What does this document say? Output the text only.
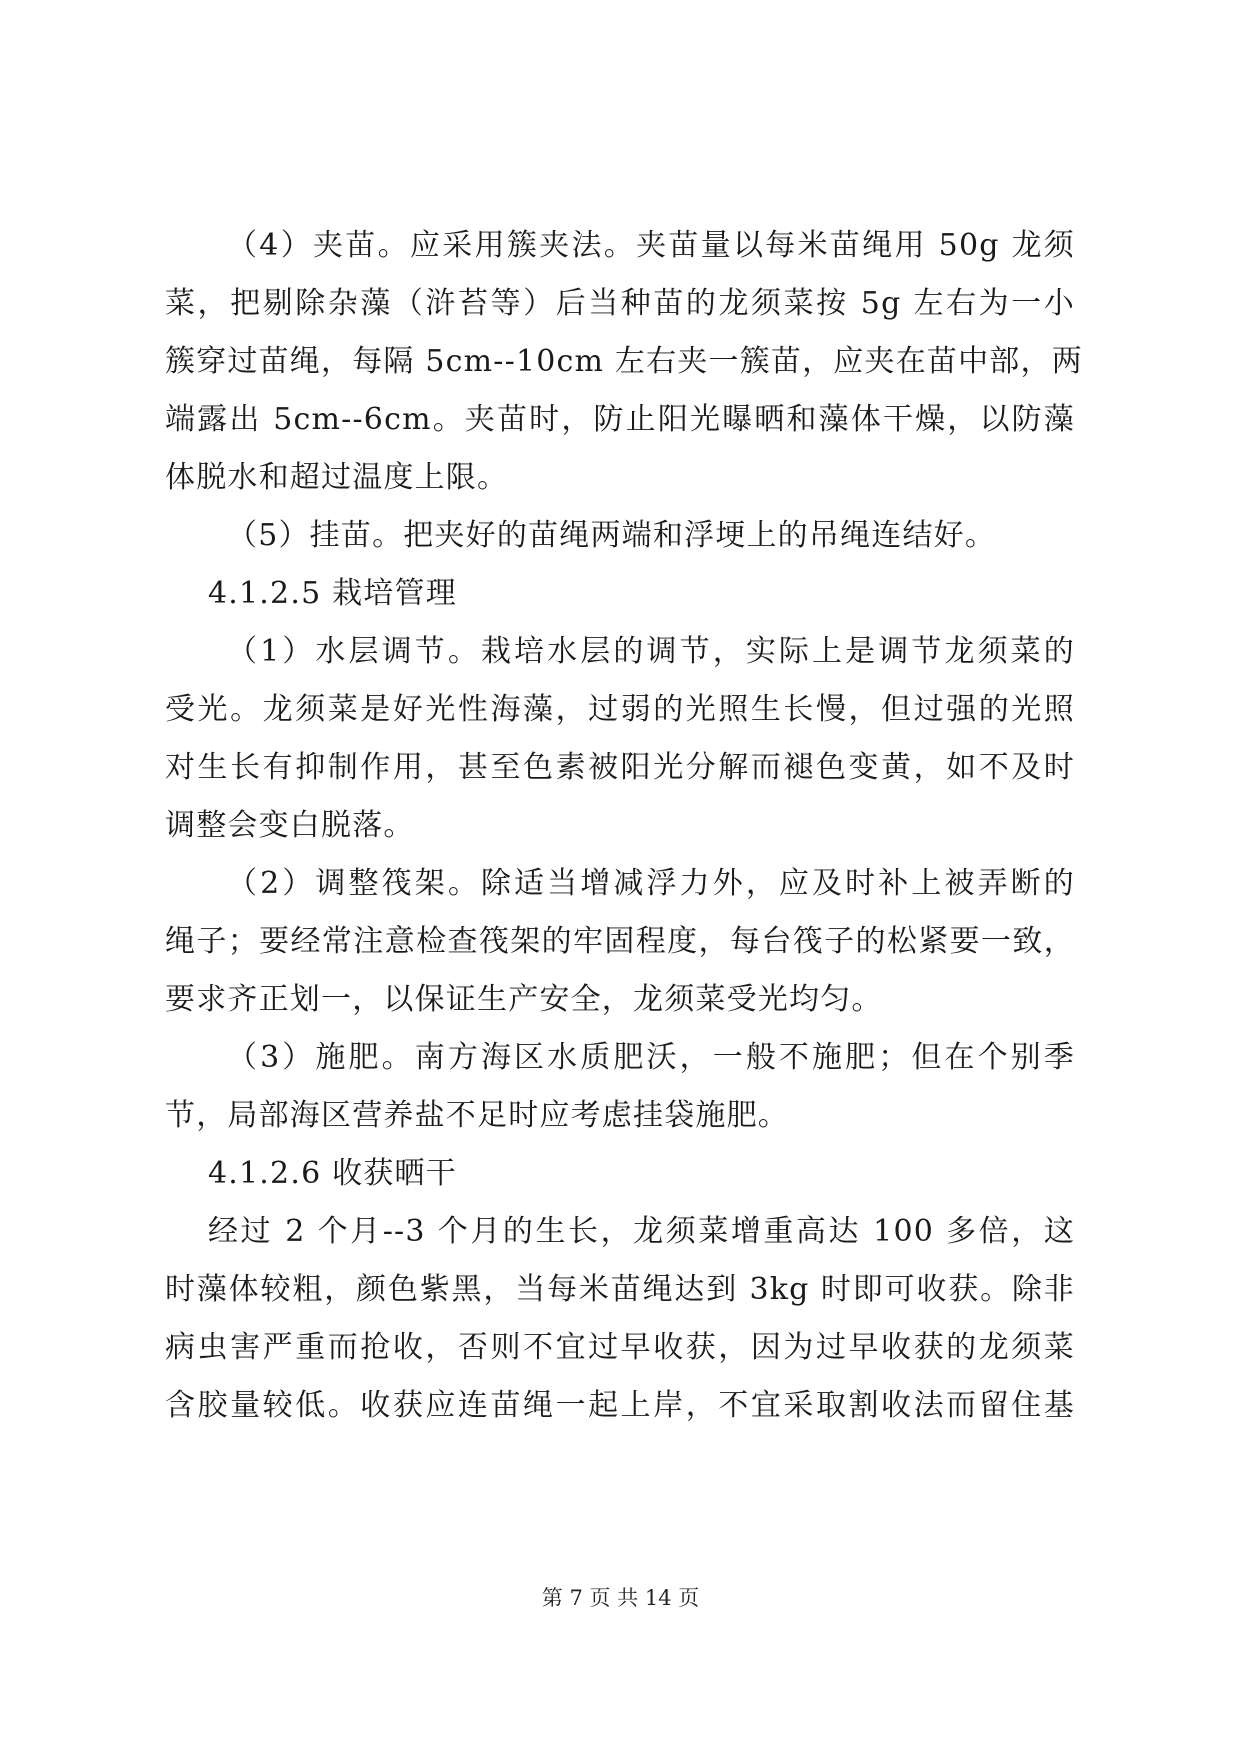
（4）夹苗。应采用簇夹法。夹苗量以每米苗绳用 50g 龙须
菜，把剔除杂藻（浒苔等）后当种苗的龙须菜按 5g 左右为一小
簇穿过苗绳，每隔 5cm--10cm 左右夹一簇苗，应夹在苗中部，两
端露出 5cm--6cm。夹苗时，防止阳光曝晒和藻体干燥，以防藻
体脱水和超过温度上限。
（5）挂苗。把夹好的苗绳两端和浮埂上的吊绳连结好。
4.1.2.5 栽培管理
（1）水层调节。栽培水层的调节，实际上是调节龙须菜的
受光。龙须菜是好光性海藻，过弱的光照生长慢，但过强的光照
对生长有抑制作用，甚至色素被阳光分解而褪色变黄，如不及时
调整会变白脱落。
（2）调整筏架。除适当增减浮力外，应及时补上被弄断的
绳子；要经常注意检查筏架的牢固程度，每台筏子的松紧要一致，
要求齐正划一，以保证生产安全，龙须菜受光均匀。
（3）施肥。南方海区水质肥沃，一般不施肥；但在个别季
节，局部海区营养盐不足时应考虑挂袋施肥。
4.1.2.6 收获晒干
经过 2 个月--3 个月的生长，龙须菜增重高达 100 多倍，这
时藻体较粗，颜色紫黑，当每米苗绳达到 3kg 时即可收获。除非
病虫害严重而抢收，否则不宜过早收获，因为过早收获的龙须菜
含胶量较低。收获应连苗绳一起上岸，不宜采取割收法而留住基
第 7 页 共 14 页
